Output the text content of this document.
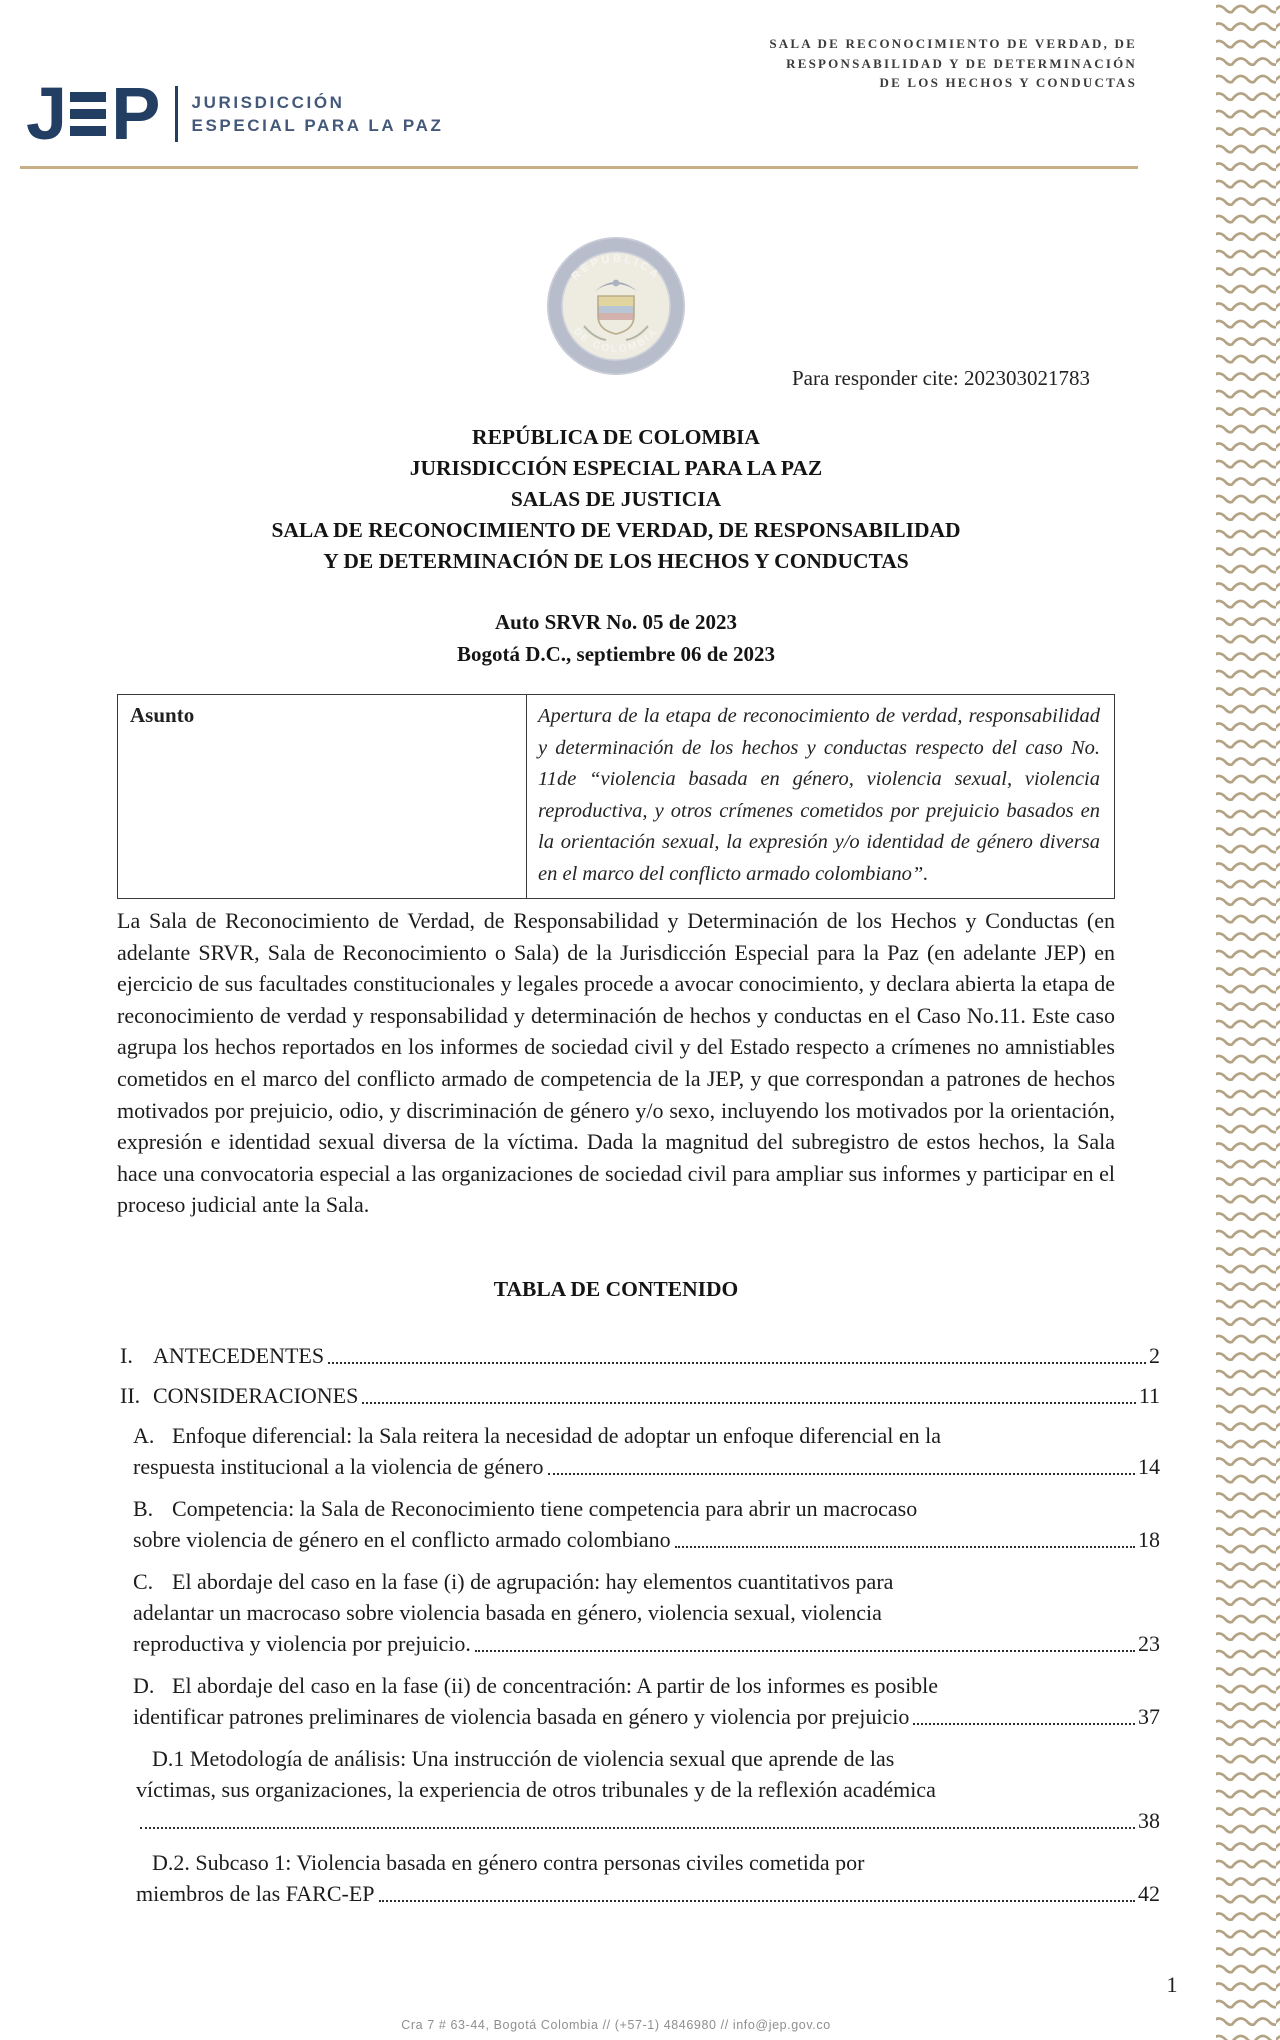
J P JURISDICCIÓN
ESPECIAL PARA LA PAZ
SALA DE RECONOCIMIENTO DE VERDAD, DE
RESPONSABILIDAD Y DE DETERMINACIÓN
DE LOS HECHOS Y CONDUCTAS
REPUBLICA
DE COLOMBIA
Para responder cite: 202303021783
REPÚBLICA DE COLOMBIA
JURISDICCIÓN ESPECIAL PARA LA PAZ
SALAS DE JUSTICIA
SALA DE RECONOCIMIENTO DE VERDAD, DE RESPONSABILIDAD
Y DE DETERMINACIÓN DE LOS HECHOS Y CONDUCTAS
Auto SRVR No. 05 de 2023
Bogotá D.C., septiembre 06 de 2023
Asunto	Apertura de la etapa de reconocimiento de verdad, responsabilidad y determinación de los hechos y conductas respecto del caso No. 11de “violencia basada en género, violencia sexual, violencia reproductiva, y otros crímenes cometidos por prejuicio basados en la orientación sexual, la expresión y/o identidad de género diversa en el marco del conflicto armado colombiano”.
La Sala de Reconocimiento de Verdad, de Responsabilidad y Determinación de los Hechos y Conductas (en adelante SRVR, Sala de Reconocimiento o Sala) de la Jurisdicción Especial para la Paz (en adelante JEP) en ejercicio de sus facultades constitucionales y legales procede a avocar conocimiento, y declara abierta la etapa de reconocimiento de verdad y responsabilidad y determinación de hechos y conductas en el Caso No.11. Este caso agrupa los hechos reportados en los informes de sociedad civil y del Estado respecto a crímenes no amnistiables cometidos en el marco del conflicto armado de competencia de la JEP, y que correspondan a patrones de hechos motivados por prejuicio, odio, y discriminación de género y/o sexo, incluyendo los motivados por la orientación, expresión e identidad sexual diversa de la víctima. Dada la magnitud del subregistro de estos hechos, la Sala hace una convocatoria especial a las organizaciones de sociedad civil para ampliar sus informes y participar en el proceso judicial ante la Sala.
TABLA DE CONTENIDO
I. ANTECEDENTES	2
II. CONSIDERACIONES	11
A. Enfoque diferencial: la Sala reitera la necesidad de adoptar un enfoque diferencial en la
respuesta institucional a la violencia de género	14
B. Competencia: la Sala de Reconocimiento tiene competencia para abrir un macrocaso
sobre violencia de género en el conflicto armado colombiano	18
C. El abordaje del caso en la fase (i) de agrupación: hay elementos cuantitativos para
adelantar un macrocaso sobre violencia basada en género, violencia sexual, violencia
reproductiva y violencia por prejuicio.	23
D. El abordaje del caso en la fase (ii) de concentración: A partir de los informes es posible
identificar patrones preliminares de violencia basada en género y violencia por prejuicio	37
D.1 Metodología de análisis: Una instrucción de violencia sexual que aprende de las
víctimas, sus organizaciones, la experiencia de otros tribunales y de la reflexión académica
38
D.2. Subcaso 1: Violencia basada en género contra personas civiles cometida por
miembros de las FARC-EP	42
1
Cra 7 # 63-44, Bogotá Colombia // (+57-1) 4846980 // info@jep.gov.co
